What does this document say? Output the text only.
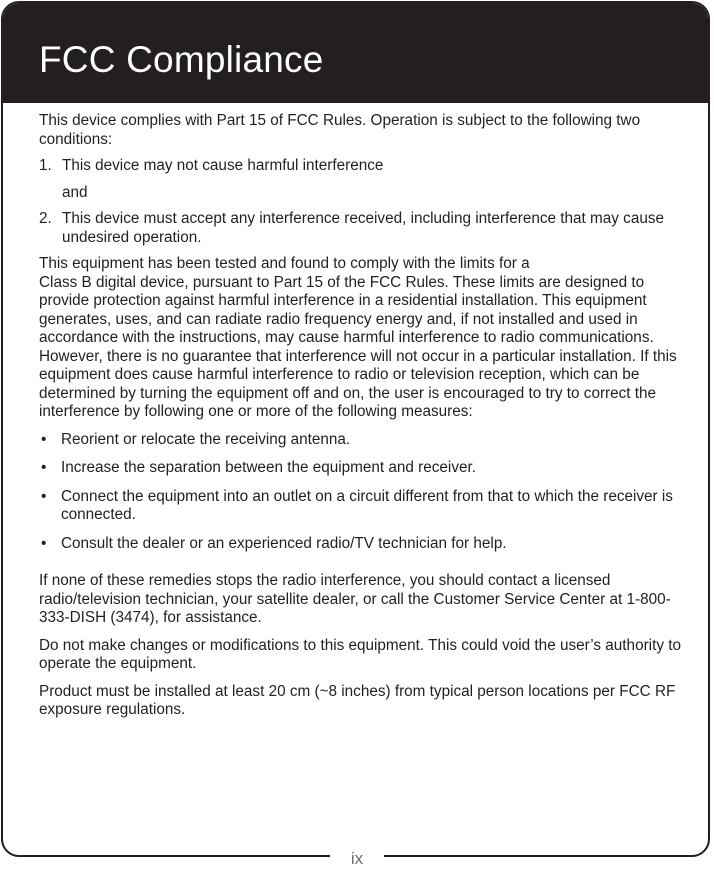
FCC Compliance

This device complies with Part 15 of FCC Rules. Operation is subject to the following two conditions:

1. This device may not cause harmful interference
and
2. This device must accept any interference received, including interference that may cause undesired operation.

This equipment has been tested and found to comply with the limits for a
Class B digital device, pursuant to Part 15 of the FCC Rules. These limits are designed to provide protection against harmful interference in a residential installation. This equipment generates, uses, and can radiate radio frequency energy and, if not installed and used in accordance with the instructions, may cause harmful interference to radio communications. However, there is no guarantee that interference will not occur in a particular installation. If this equipment does cause harmful interference to radio or television reception, which can be determined by turning the equipment off and on, the user is encouraged to try to correct the interference by following one or more of the following measures:

• Reorient or relocate the receiving antenna.
• Increase the separation between the equipment and receiver.
• Connect the equipment into an outlet on a circuit different from that to which the receiver is connected.
• Consult the dealer or an experienced radio/TV technician for help.

If none of these remedies stops the radio interference, you should contact a licensed radio/television technician, your satellite dealer, or call the Customer Service Center at 1-800-333-DISH (3474), for assistance.

Do not make changes or modifications to this equipment. This could void the user’s authority to operate the equipment.

Product must be installed at least 20 cm (~8 inches) from typical person locations per FCC RF exposure regulations.

ix
